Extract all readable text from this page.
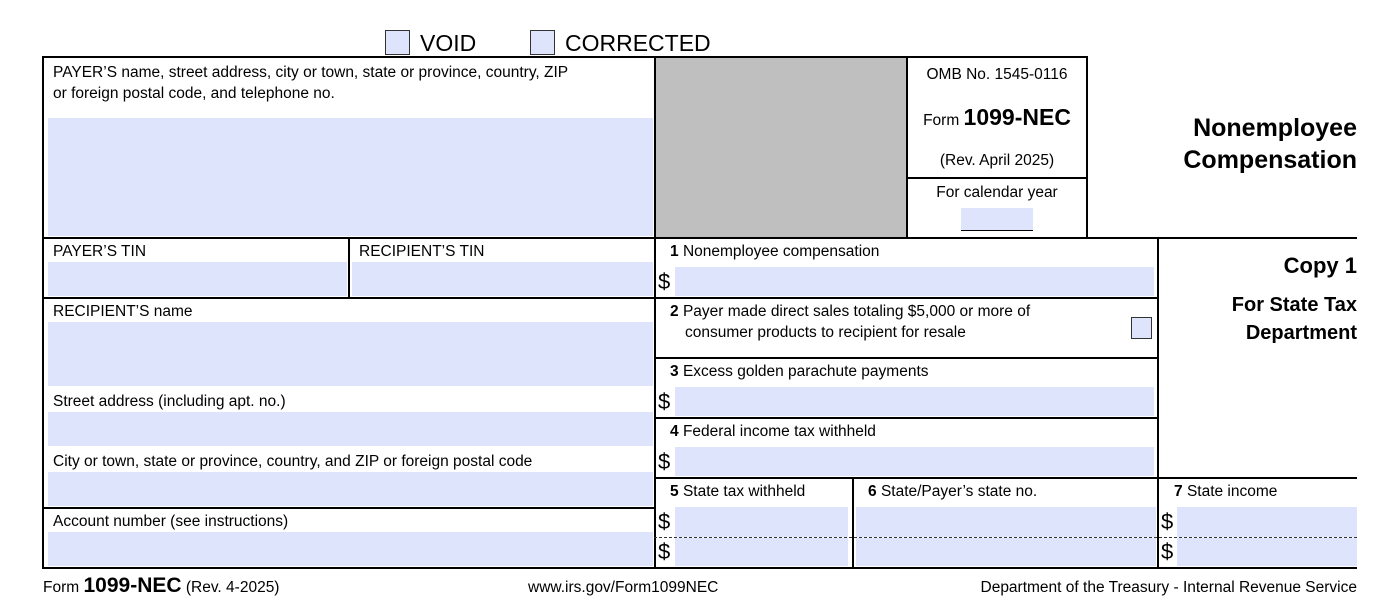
VOID	CORRECTED
PAYER’S name, street address, city or town, state or province, country, ZIP
or foreign postal code, and telephone no.
OMB No. 1545-0116
Form 1099-NEC
(Rev. April 2025)
For calendar year
Nonemployee
Compensation
Copy 1
For State Tax
Department
PAYER’S TIN	RECIPIENT’S TIN
RECIPIENT’S name
Street address (including apt. no.)
City or town, state or province, country, and ZIP or foreign postal code
Account number (see instructions)
1 Nonemployee compensation
$
2 Payer made direct sales totaling $5,000 or more of
consumer products to recipient for resale
3 Excess golden parachute payments
$
4 Federal income tax withheld
$
5 State tax withheld
$
$
6 State/Payer’s state no.	7 State income
$
$
Form 1099-NEC (Rev. 4-2025)	www.irs.gov/Form1099NEC	Department of the Treasury - Internal Revenue Service
